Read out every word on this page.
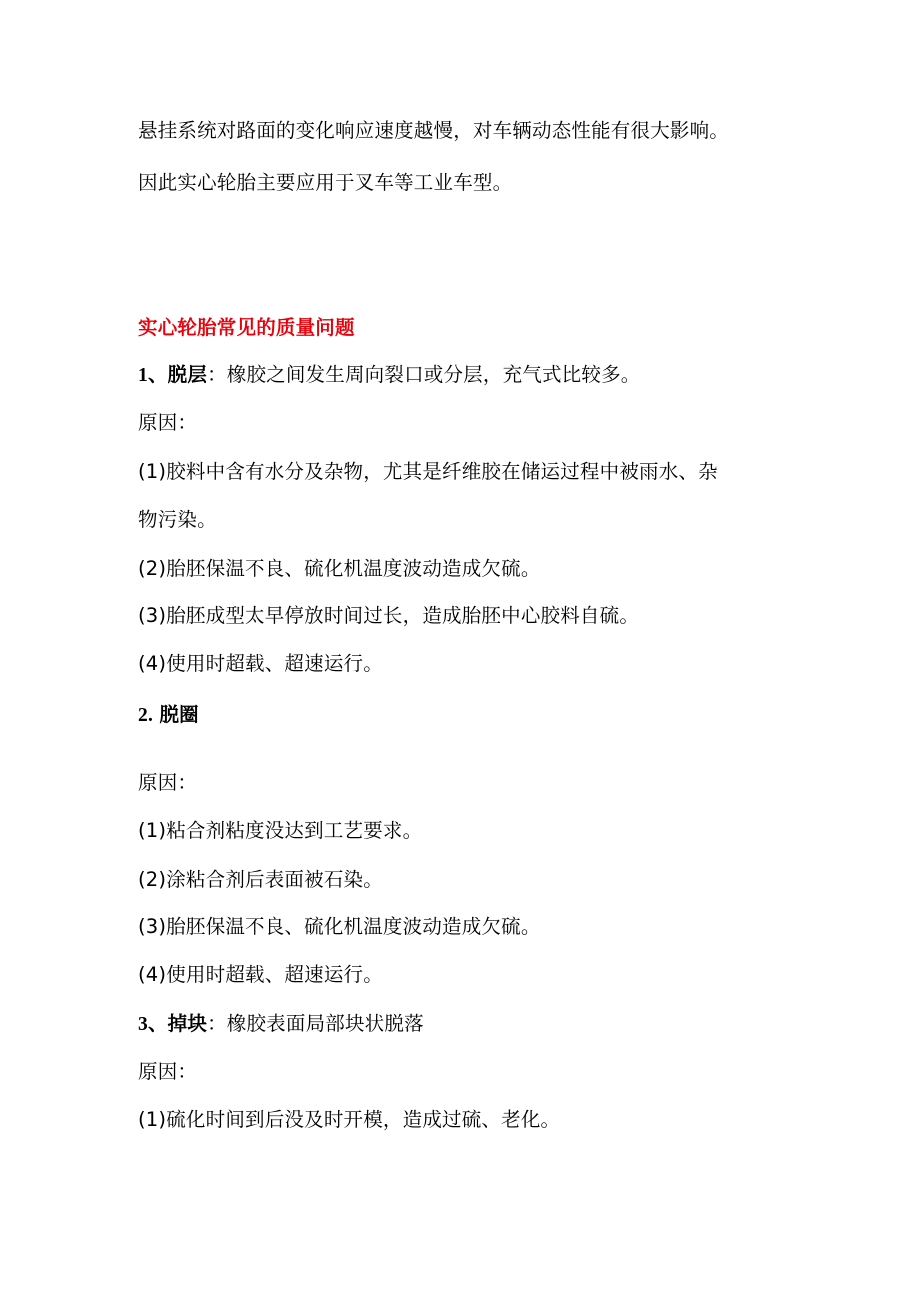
悬挂系统对路面的变化响应速度越慢，对车辆动态性能有很大影响。
因此实心轮胎主要应用于叉车等工业车型。
实心轮胎常见的质量问题
1、脱层：橡胶之间发生周向裂口或分层，充气式比较多。
原因：
(1)胶料中含有水分及杂物，尤其是纤维胶在储运过程中被雨水、杂
物污染。
(2)胎胚保温不良、硫化机温度波动造成欠硫。
(3)胎胚成型太早停放时间过长，造成胎胚中心胶料自硫。
(4)使用时超载、超速运行。
2. 脱圈
原因：
(1)粘合剂粘度没达到工艺要求。
(2)涂粘合剂后表面被石染。
(3)胎胚保温不良、硫化机温度波动造成欠硫。
(4)使用时超载、超速运行。
3、掉块：橡胶表面局部块状脱落
原因：
(1)硫化时间到后没及时开模，造成过硫、老化。
